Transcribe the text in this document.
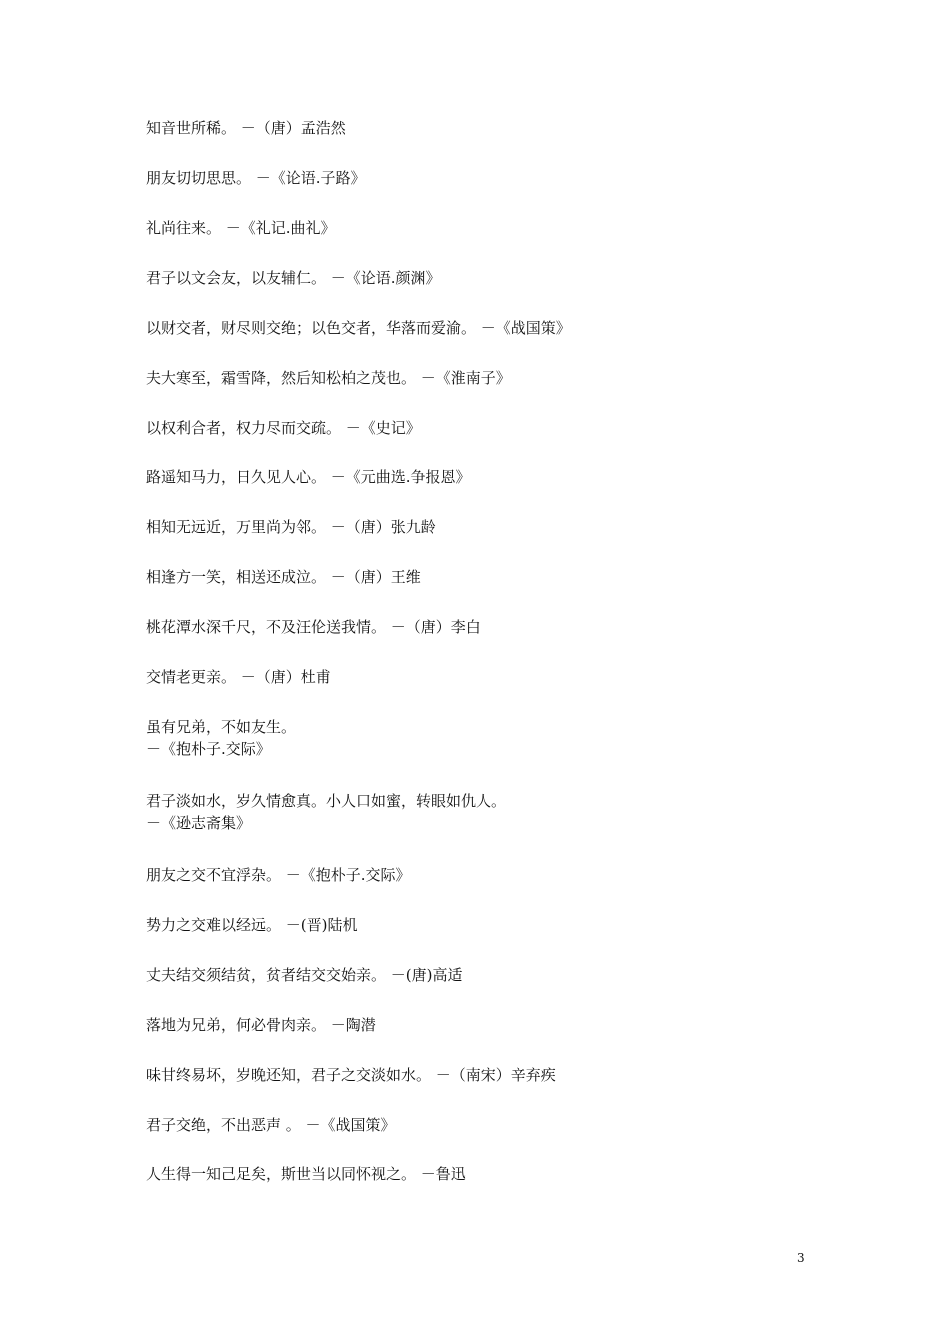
知音世所稀。 －（唐）孟浩然

朋友切切思思。 －《论语.子路》

礼尚往来。 －《礼记.曲礼》

君子以文会友，以友辅仁。 －《论语.颜渊》

以财交者，财尽则交绝；以色交者，华落而爱渝。 －《战国策》

夫大寒至，霜雪降，然后知松柏之茂也。 －《淮南子》

以权利合者，权力尽而交疏。 －《史记》

路遥知马力，日久见人心。 －《元曲选.争报恩》

相知无远近，万里尚为邻。 －（唐）张九龄

相逢方一笑，相送还成泣。 －（唐）王维

桃花潭水深千尺，不及汪伦送我情。 －（唐）李白

交情老更亲。 －（唐）杜甫

虽有兄弟，不如友生。
－《抱朴子.交际》

君子淡如水，岁久情愈真。小人口如蜜，转眼如仇人。
－《逊志斋集》

朋友之交不宜浮杂。 －《抱朴子.交际》

势力之交难以经远。 －(晋)陆机

丈夫结交须结贫，贫者结交交始亲。 －(唐)高适

落地为兄弟，何必骨肉亲。 －陶潜

味甘终易坏，岁晚还知，君子之交淡如水。 －（南宋）辛弃疾

君子交绝，不出恶声 。 －《战国策》

人生得一知己足矣，斯世当以同怀视之。 －鲁迅

3
